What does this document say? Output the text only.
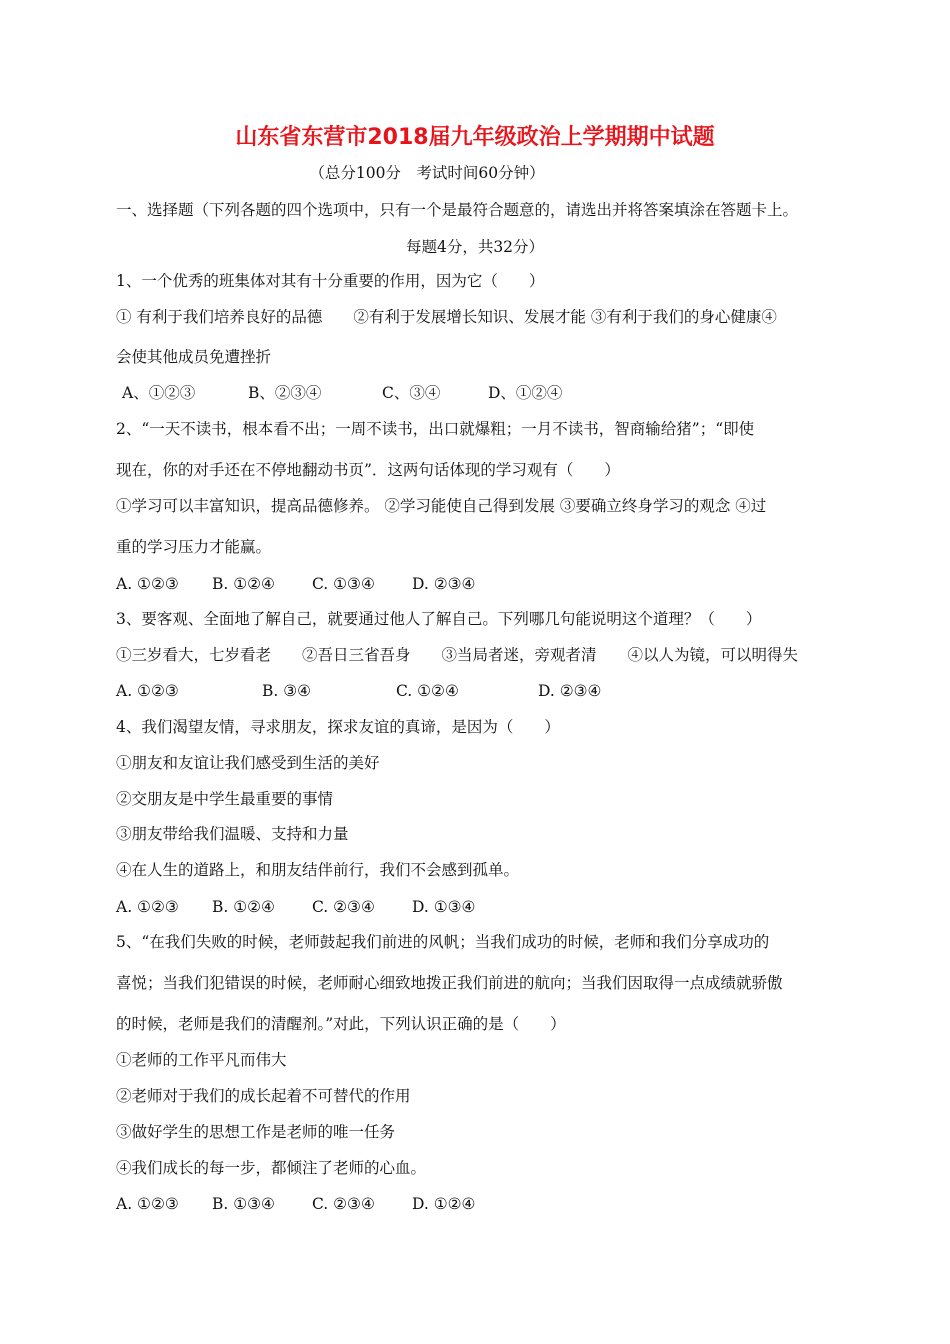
山东省东营市2018届九年级政治上学期期中试题
（总分100分　考试时间60分钟）
一、选择题（下列各题的四个选项中，只有一个是最符合题意的，请选出并将答案填涂在答题卡上。
每题4分，共32分）
1、一个优秀的班集体对其有十分重要的作用，因为它（　　）
① 有利于我们培养良好的品德　　②有利于发展增长知识、发展才能 ③有利于我们的身心健康④
会使其他成员免遭挫折
A、①②③	B、②③④	C、③④	D、①②④
2、“一天不读书，根本看不出；一周不读书，出口就爆粗；一月不读书，智商输给猪”；“即使
现在，你的对手还在不停地翻动书页”．这两句话体现的学习观有（　　）
①学习可以丰富知识，提高品德修养。 ②学习能使自己得到发展 ③要确立终身学习的观念 ④过
重的学习压力才能赢。
A. ①②③ B. ①②④ C. ①③④ D. ②③④
3、要客观、全面地了解自己，就要通过他人了解自己。下列哪几句能说明这个道理？（　　）
①三岁看大，七岁看老　　②吾日三省吾身　　③当局者迷，旁观者清　　④以人为镜，可以明得失
A. ①②③	B. ③④	C. ①②④	D. ②③④
4、我们渴望友情，寻求朋友，探求友谊的真谛，是因为（　　）
①朋友和友谊让我们感受到生活的美好
②交朋友是中学生最重要的事情
③朋友带给我们温暖、支持和力量
④在人生的道路上，和朋友结伴前行，我们不会感到孤单。
A. ①②③ B. ①②④ C. ②③④ D. ①③④
5、“在我们失败的时候，老师鼓起我们前进的风帆；当我们成功的时候，老师和我们分享成功的
喜悦；当我们犯错误的时候，老师耐心细致地拨正我们前进的航向；当我们因取得一点成绩就骄傲
的时候，老师是我们的清醒剂。”对此，下列认识正确的是（　　）
①老师的工作平凡而伟大
②老师对于我们的成长起着不可替代的作用
③做好学生的思想工作是老师的唯一任务
④我们成长的每一步，都倾注了老师的心血。
A. ①②③ B. ①③④ C. ②③④ D. ①②④
